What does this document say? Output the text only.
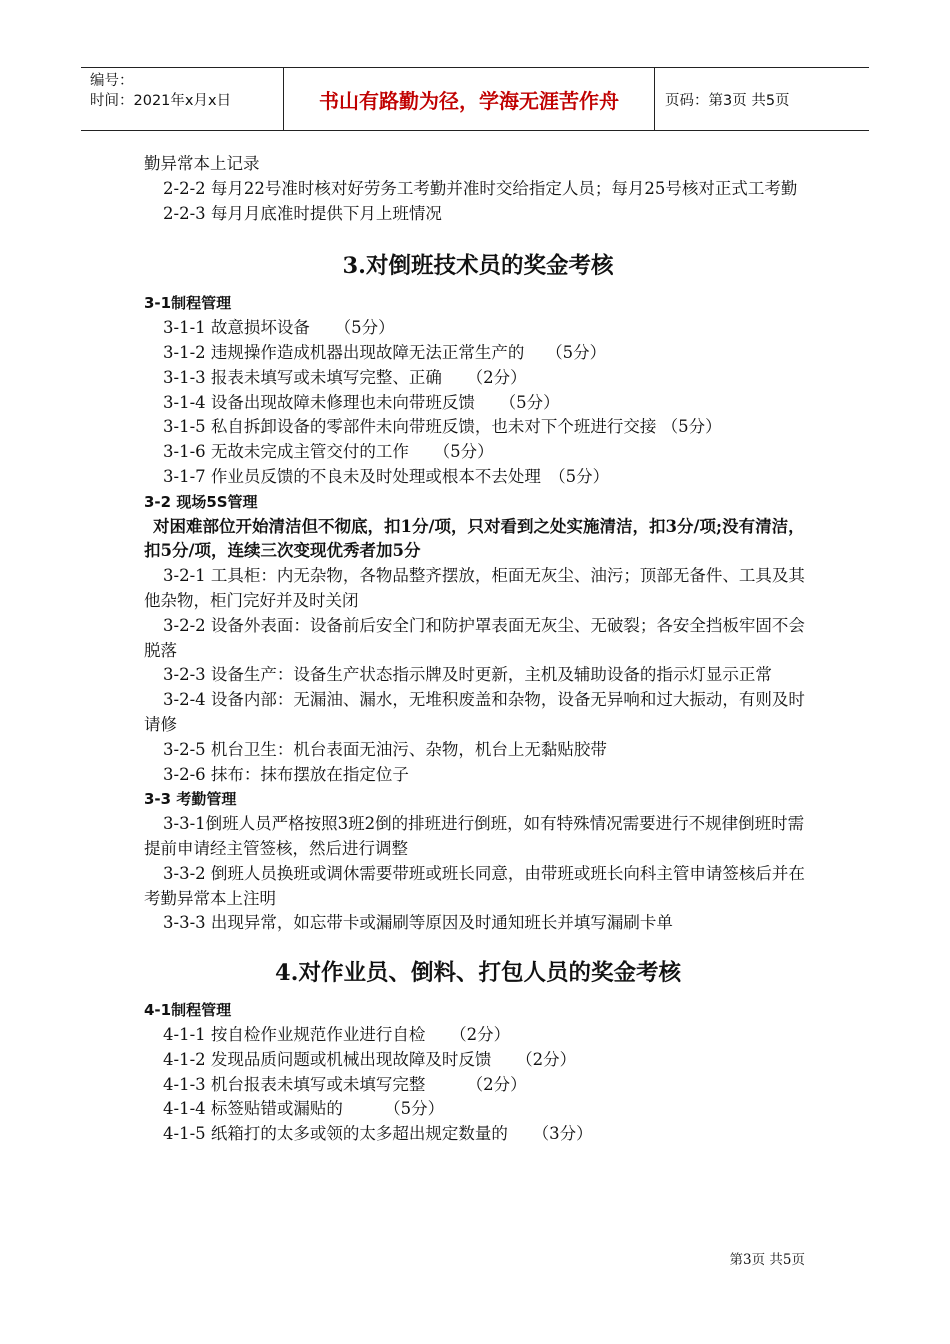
编号：
时间：2021年x月x日	书山有路勤为径，学海无涯苦作舟	页码：第3页 共5页

勤异常本上记录

2-2-2 每月22号准时核对好劳务工考勤并准时交给指定人员；每月25号核对正式工考勤

2-2-3 每月月底准时提供下月上班情况

3.对倒班技术员的奖金考核

3-1制程管理

3-1-1 故意损坏设备　　（5分）

3-1-2 违规操作造成机器出现故障无法正常生产的　 （5分）

3-1-3 报表未填写或未填写完整、正确　　（2分）

3-1-4 设备出现故障未修理也未向带班反馈　　（5分）

3-1-5 私自拆卸设备的零部件未向带班反馈，也未对下个班进行交接 （5分）

3-1-6 无故未完成主管交付的工作　　（5分）

3-1-7 作业员反馈的不良未及时处理或根本不去处理　（5分）

3-2 现场5S管理

对困难部位开始清洁但不彻底，扣1分/项，只对看到之处实施清洁，扣3分/项;没有清洁，扣5分/项，连续三次变现优秀者加5分

3-2-1 工具柜：内无杂物，各物品整齐摆放，柜面无灰尘、油污；顶部无备件、工具及其他杂物，柜门完好并及时关闭

3-2-2 设备外表面：设备前后安全门和防护罩表面无灰尘、无破裂；各安全挡板牢固不会脱落

3-2-3 设备生产：设备生产状态指示牌及时更新，主机及辅助设备的指示灯显示正常

3-2-4 设备内部：无漏油、漏水，无堆积废盖和杂物，设备无异响和过大振动，有则及时请修

3-2-5 机台卫生：机台表面无油污、杂物，机台上无黏贴胶带

3-2-6 抹布：抹布摆放在指定位子

3-3 考勤管理

3-3-1倒班人员严格按照3班2倒的排班进行倒班，如有特殊情况需要进行不规律倒班时需提前申请经主管签核，然后进行调整

3-3-2 倒班人员换班或调休需要带班或班长同意，由带班或班长向科主管申请签核后并在考勤异常本上注明

3-3-3 出现异常，如忘带卡或漏刷等原因及时通知班长并填写漏刷卡单

4.对作业员、倒料、打包人员的奖金考核

4-1制程管理

4-1-1 按自检作业规范作业进行自检　　（2分）

4-1-2 发现品质问题或机械出现故障及时反馈　　（2分）

4-1-3 机台报表未填写或未填写完整　　　（2分）

4-1-4 标签贴错或漏贴的　　　（5分）

4-1-5 纸箱打的太多或领的太多超出规定数量的　　（3分）

第3页 共5页
